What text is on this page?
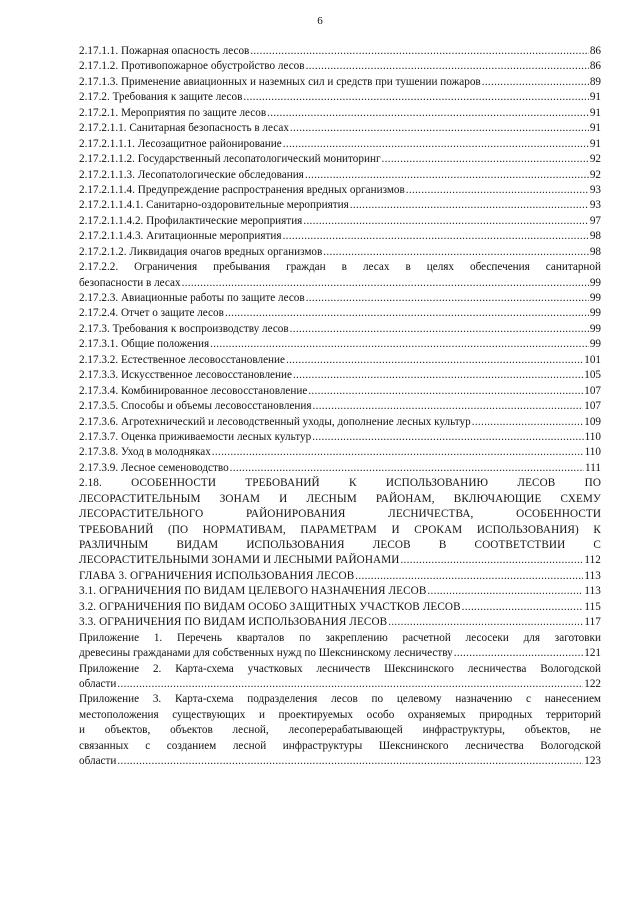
6
2.17.1.1. Пожарная опасность лесов .....	86
2.17.1.2. Противопожарное обустройство лесов .....	86
2.17.1.3. Применение авиационных и наземных сил и средств при тушении пожаров .....	89
2.17.2. Требования к защите лесов .....	91
2.17.2.1. Мероприятия по защите лесов .....	91
2.17.2.1.1. Санитарная безопасность в лесах .....	91
2.17.2.1.1.1. Лесозащитное районирование .....	91
2.17.2.1.1.2. Государственный лесопатологический мониторинг .....	92
2.17.2.1.1.3. Лесопатологические обследования .....	92
2.17.2.1.1.4. Предупреждение распространения вредных организмов .....	93
2.17.2.1.1.4.1. Санитарно-оздоровительные мероприятия .....	93
2.17.2.1.1.4.2. Профилактические мероприятия .....	97
2.17.2.1.1.4.3. Агитационные мероприятия .....	98
2.17.2.1.2. Ликвидация очагов вредных организмов .....	98
2.17.2.2. Ограничения пребывания граждан в лесах в целях обеспечения санитарной
безопасности в лесах .....	99
2.17.2.3. Авиационные работы по защите лесов .....	99
2.17.2.4. Отчет о защите лесов .....	99
2.17.3. Требования к воспроизводству лесов .....	99
2.17.3.1. Общие положения .....	99
2.17.3.2. Естественное лесовосстановление .....	101
2.17.3.3. Искусственное лесовосстановление .....	105
2.17.3.4. Комбинированное лесовосстановление .....	107
2.17.3.5. Способы и объемы лесовосстановления .....	107
2.17.3.6. Агротехнический и лесоводственный уходы, дополнение лесных культур .....	109
2.17.3.7. Оценка приживаемости лесных культур .....	110
2.17.3.8. Уход в молодняках .....	110
2.17.3.9. Лесное семеноводство .....	111
2.18. ОСОБЕННОСТИ ТРЕБОВАНИЙ К ИСПОЛЬЗОВАНИЮ ЛЕСОВ ПО
ЛЕСОРАСТИТЕЛЬНЫМ ЗОНАМ И ЛЕСНЫМ РАЙОНАМ, ВКЛЮЧАЮЩИЕ СХЕМУ
ЛЕСОРАСТИТЕЛЬНОГО РАЙОНИРОВАНИЯ ЛЕСНИЧЕСТВА, ОСОБЕННОСТИ
ТРЕБОВАНИЙ (ПО НОРМАТИВАМ, ПАРАМЕТРАМ И СРОКАМ ИСПОЛЬЗОВАНИЯ) К
РАЗЛИЧНЫМ ВИДАМ ИСПОЛЬЗОВАНИЯ ЛЕСОВ В СООТВЕТСТВИИ С
ЛЕСОРАСТИТЕЛЬНЫМИ ЗОНАМИ И ЛЕСНЫМИ РАЙОНАМИ .....	112
ГЛАВА 3. ОГРАНИЧЕНИЯ ИСПОЛЬЗОВАНИЯ ЛЕСОВ .....	113
3.1. ОГРАНИЧЕНИЯ ПО ВИДАМ ЦЕЛЕВОГО НАЗНАЧЕНИЯ ЛЕСОВ .....	113
3.2. ОГРАНИЧЕНИЯ ПО ВИДАМ ОСОБО ЗАЩИТНЫХ УЧАСТКОВ ЛЕСОВ .....	115
3.3. ОГРАНИЧЕНИЯ ПО ВИДАМ ИСПОЛЬЗОВАНИЯ ЛЕСОВ .....	117
Приложение 1. Перечень кварталов по закреплению расчетной лесосеки для заготовки
древесины гражданами для собственных нужд по Шекснинскому лесничеству .....	121
Приложение 2. Карта-схема участковых лесничеств Шекснинского лесничества Вологодской
области .....	122
Приложение 3. Карта-схема подразделения лесов по целевому назначению с нанесением
местоположения существующих и проектируемых особо охраняемых природных территорий
и объектов, объектов лесной, лесоперерабатывающей инфраструктуры, объектов, не
связанных с созданием лесной инфраструктуры Шекснинского лесничества Вологодской
области .....	123
